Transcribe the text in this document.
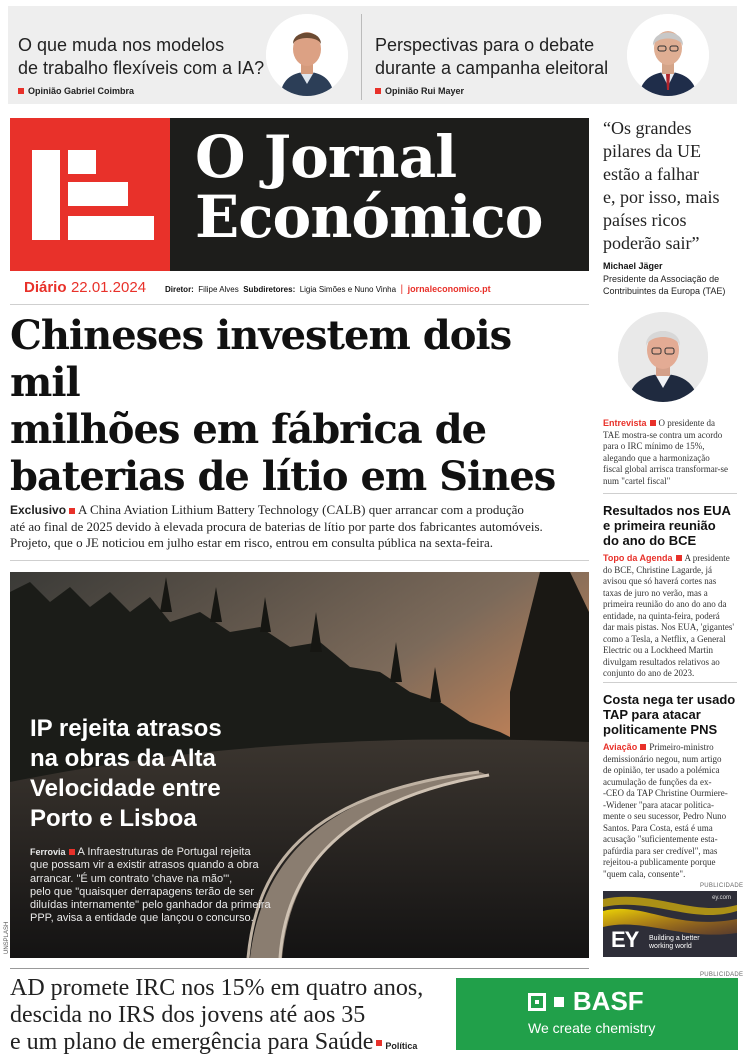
O que muda nos modelos
de trabalho flexíveis com a IA?
Opinião Gabriel Coimbra
Perspectivas para o debate
durante a campanha eleitoral
Opinião Rui Mayer
O Jornal
Económico
Diário 22.01.2024 Diretor: Filipe Alves Subdiretores: Ligia Simões e Nuno Vinha | jornaleconomico.pt
Chineses investem dois mil
milhões em fábrica de
baterias de lítio em Sines
Exclusivo A China Aviation Lithium Battery Technology (CALB) quer arrancar com a produção
até ao final de 2025 devido à elevada procura de baterias de lítio por parte dos fabricantes automóveis.
Projeto, que o JE noticiou em julho estar em risco, entrou em consulta pública na sexta-feira.
UNSPLASH
IP rejeita atrasos
na obras da Alta
Velocidade entre
Porto e Lisboa
Ferrovia A Infraestruturas de Portugal rejeita
que possam vir a existir atrasos quando a obra
arrancar. "É um contrato 'chave na mão'",
pelo que "quaisquer derrapagens terão de ser
diluídas internamente" pelo ganhador da primeira
PPP, avisa a entidade que lançou o concurso.
“Os grandes
pilares da UE
estão a falhar
e, por isso, mais
países ricos
poderão sair”
Michael Jäger
Presidente da Associação de
Contribuintes da Europa (TAE)
Entrevista O presidente da
TAE mostra-se contra um acordo
para o IRC mínimo de 15%,
alegando que a harmonização
fiscal global arrisca transformar-se
num "cartel fiscal"
Resultados nos EUA
e primeira reunião
do ano do BCE
Topo da Agenda A presidente
do BCE, Christine Lagarde, já
avisou que só haverá cortes nas
taxas de juro no verão, mas a
primeira reunião do ano do ano da
entidade, na quinta-feira, poderá
dar mais pistas. Nos EUA, 'gigantes'
como a Tesla, a Netflix, a General
Electric ou a Lockheed Martin
divulgam resultados relativos ao
conjunto do ano de 2023.
Costa nega ter usado
TAP para atacar
politicamente PNS
Aviação Primeiro-ministro
demissionário negou, num artigo
de opinião, ter usado a polémica
acumulação de funções da ex-
-CEO da TAP Christine Ourmiere-
-Widener "para atacar politica-
mente o seu sucessor, Pedro Nuno
Santos. Para Costa, está é uma
acusação "suficientemente esta-
pafúrdia para ser credível", mas
rejeitou-a publicamente porque
"quem cala, consente".
PUBLICIDADE
ey.com
EY Building a better
working world
AD promete IRC nos 15% em quatro anos,
descida no IRS dos jovens até aos 35
e um plano de emergência para Saúde Política
PUBLICIDADE
BASF
We create chemistry
